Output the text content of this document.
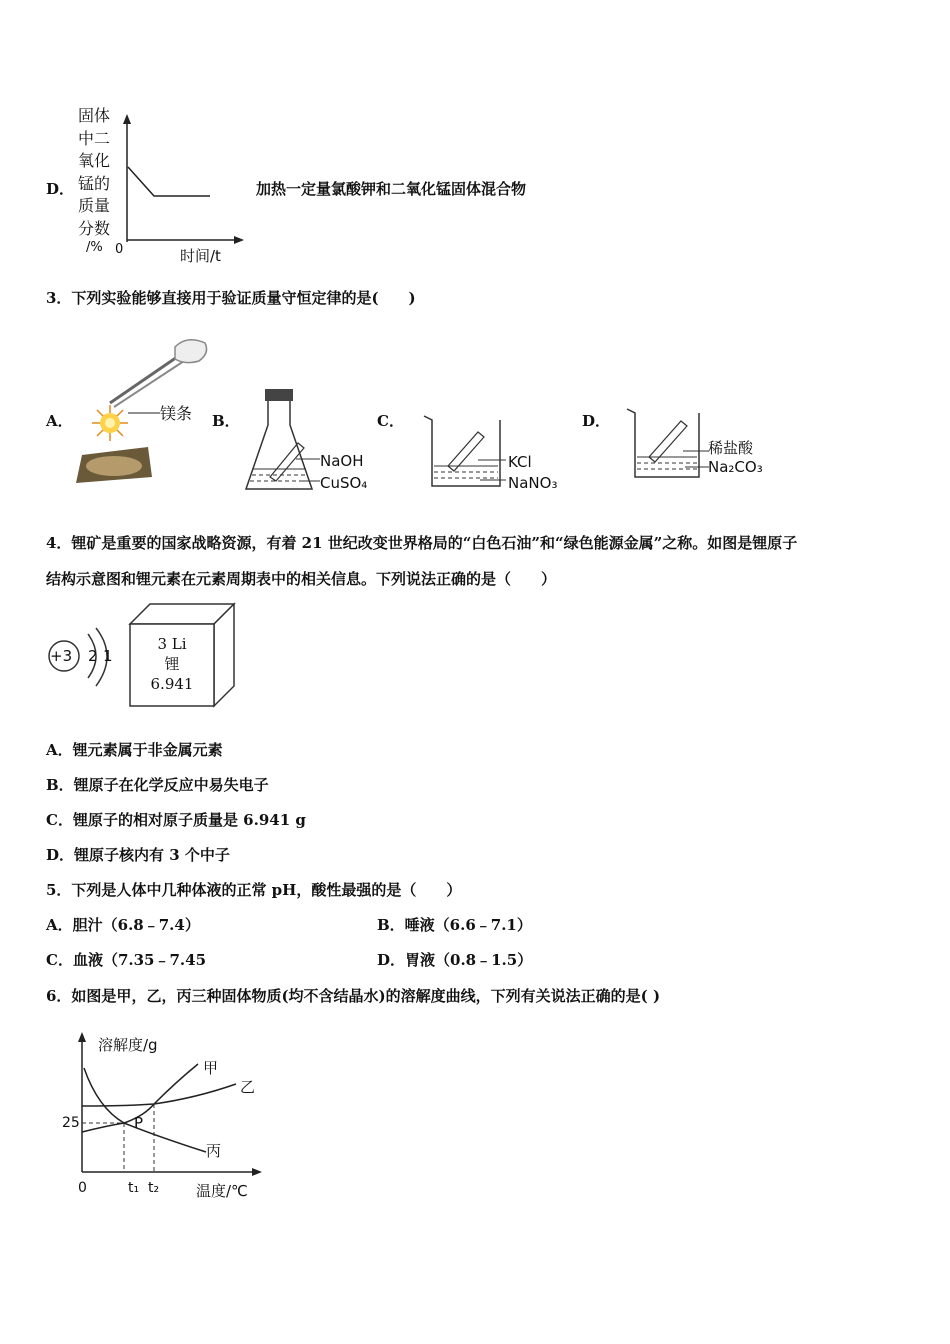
D．
固体
中二
氧化
锰的
质量
分数
/% 0	时间/t
加热一定量氯酸钾和二氧化锰固体混合物
3．下列实验能够直接用于验证质量守恒定律的是(　　)
A．	镁条 B．
NaOH
CuSO₄
C．
KCl
NaNO₃
D．
稀盐酸
Na₂CO₃
4．锂矿是重要的国家战略资源，有着 21 世纪改变世界格局的“白色石油”和“绿色能源金属”之称。如图是锂原子
结构示意图和锂元素在元素周期表中的相关信息。下列说法正确的是（　　）
+3 2 1
3 Li
锂
6.941
A．锂元素属于非金属元素
B．锂原子在化学反应中易失电子
C．锂原子的相对原子质量是 6.941 g
D．锂原子核内有 3 个中子
5．下列是人体中几种体液的正常 pH，酸性最强的是（　　）
A．胆汁（6.8﹣7.4）	B．唾液（6.6﹣7.1）
C．血液（7.35﹣7.45	D．胃液（0.8﹣1.5）
6．如图是甲，乙，丙三种固体物质(均不含结晶水)的溶解度曲线，下列有关说法正确的是( )
溶解度/g
25
0	t₁ t₂ 温度/℃
P
甲
乙
丙
